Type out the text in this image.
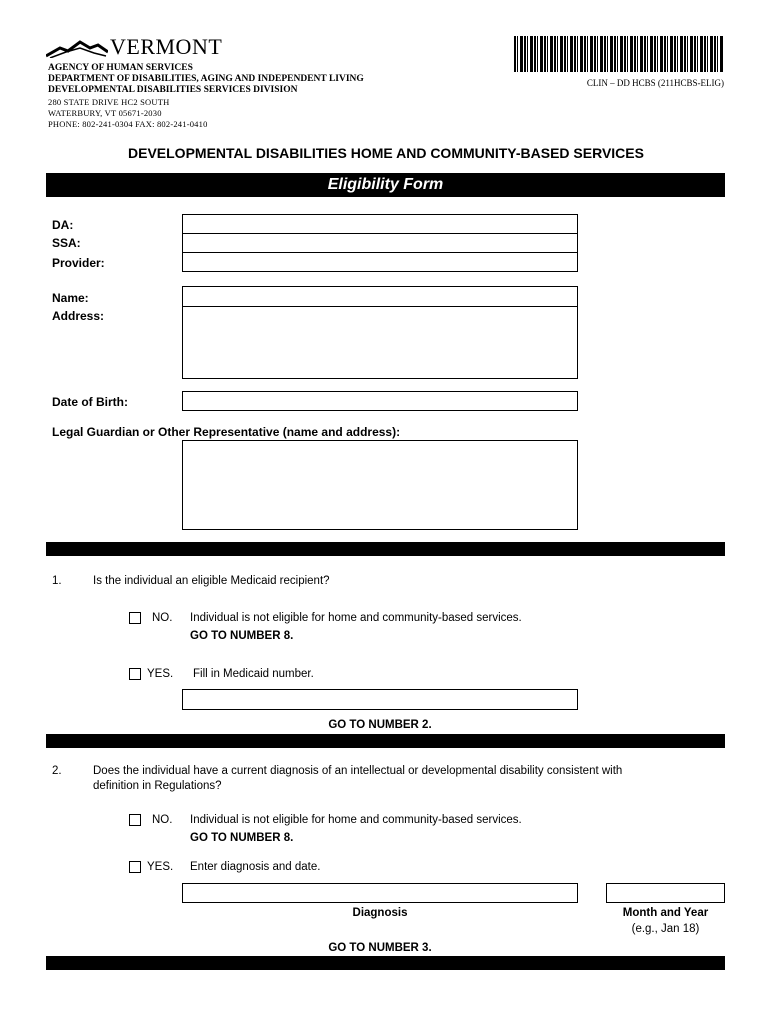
VERMONT
AGENCY OF HUMAN SERVICES
DEPARTMENT OF DISABILITIES, AGING AND INDEPENDENT LIVING
DEVELOPMENTAL DISABILITIES SERVICES DIVISION
280 STATE DRIVE HC2 SOUTH
WATERBURY, VT 05671-2030
PHONE: 802-241-0304 FAX: 802-241-0410
CLIN – DD HCBS (211HCBS-ELIG)
DEVELOPMENTAL DISABILITIES HOME AND COMMUNITY-BASED SERVICES
Eligibility Form
DA:
SSA:
Provider:
Name:
Address:
Date of Birth:
Legal Guardian or Other Representative (name and address):
1.	Is the individual an eligible Medicaid recipient?
NO. Individual is not eligible for home and community-based services.
GO TO NUMBER 8.
YES. Fill in Medicaid number.
GO TO NUMBER 2.
2.	Does the individual have a current diagnosis of an intellectual or developmental disability consistent with
definition in Regulations?
NO. Individual is not eligible for home and community-based services.
GO TO NUMBER 8.
YES. Enter diagnosis and date.
Diagnosis	Month and Year
(e.g., Jan 18)
GO TO NUMBER 3.
